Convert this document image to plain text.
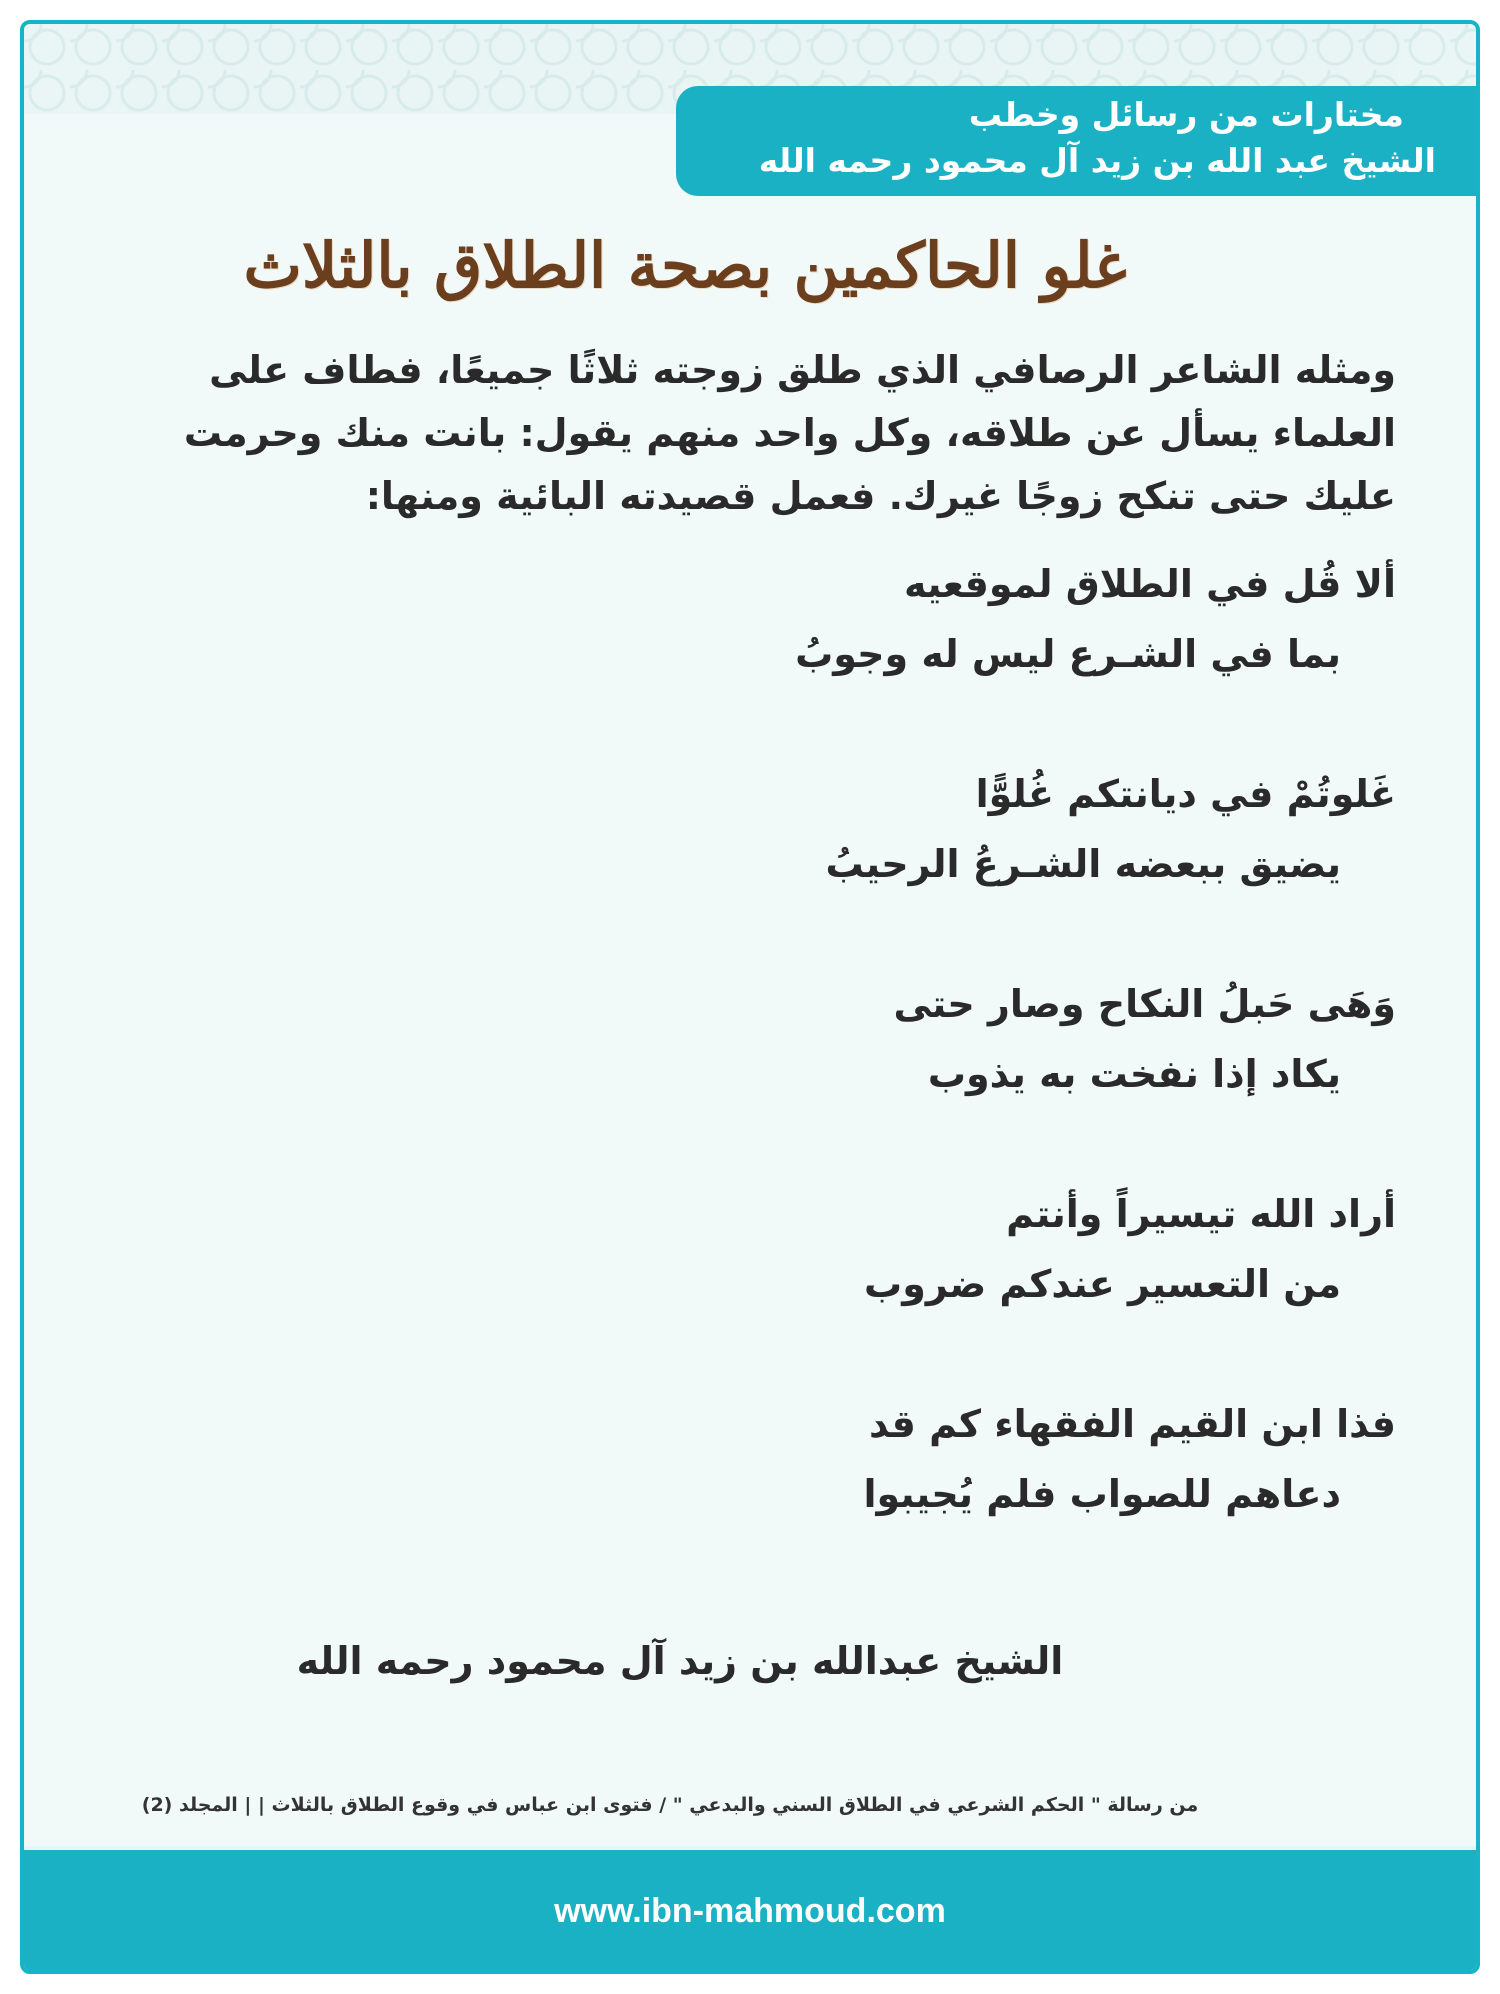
مختارات من رسائل وخطب
الشيخ عبد الله بن زيد آل محمود رحمه الله
غلو الحاكمين بصحة الطلاق بالثلاث

ومثله الشاعر الرصافي الذي طلق زوجته ثلاثًا جميعًا، فطاف على

العلماء يسأل عن طلاقه، وكل واحد منهم يقول: بانت منك وحرمت

عليك حتى تنكح زوجًا غيرك. فعمل قصيدته البائية ومنها:

ألا قُل في الطلاق لموقعيه
بما في الشـرع ليس له وجوبُ
غَلوتُمْ في ديانتكم غُلوًّا
يضيق ببعضه الشـرعُ الرحيبُ
وَهَى حَبلُ النكاح وصار حتى
يكاد إذا نفخت به يذوب
أراد الله تيسيراً وأنتم
من التعسير عندكم ضروب
فذا ابن القيم الفقهاء كم قد
دعاهم للصواب فلم يُجيبوا
الشيخ عبدالله بن زيد آل محمود رحمه الله
من رسالة " الحكم الشرعي في الطلاق السني والبدعي " / فتوى ابن عباس في وقوع الطلاق بالثلاث | | المجلد (2)
www.ibn-mahmoud.com
